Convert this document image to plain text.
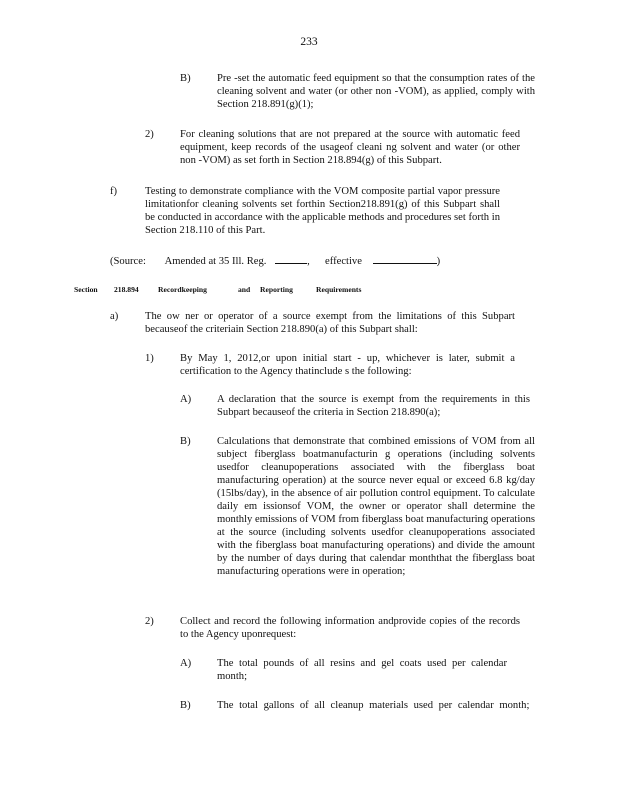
233
B) Pre -set the automatic feed equipment so that the consumption rates of the cleaning solvent and water (or other non -VOM), as applied, comply with Section 218.891(g)(1);
2) For cleaning solutions that are not prepared at the source with automatic feed equipment, keep records of the usageof cleani ng solvent and water (or other non -VOM) as set forth in Section 218.894(g) of this Subpart.
f)	Testing to demonstrate compliance with the VOM composite partial vapor pressure limitationfor cleaning solvents set forthin Section218.891(g) of this Subpart shall be conducted in accordance with the applicable methods and procedures set forth in Section 218.110 of this Part.
(Source: Amended at 35 Ill. Reg.	, effective	)
Section 218.894	Recordkeeping	and Reporting	Requirements
a)	The ow ner or operator of a source exempt from the limitations of this Subpart becauseof the criteriain Section 218.890(a) of this Subpart shall:
1) By May 1, 2012,or upon initial start - up, whichever is later, submit a certification to the Agency thatinclude s the following:
A) A declaration that the source is exempt from the requirements in this Subpart becauseof the criteria in Section 218.890(a);
B) Calculations that demonstrate that combined emissions of VOM from all subject fiberglass boatmanufacturin g operations (including solvents usedfor cleanupoperations associated with the fiberglass boat manufacturing operation) at the source never equal or exceed 6.8 kg/day (15lbs/day), in the absence of air pollution control equipment. To calculate daily em issionsof VOM, the owner or operator shall determine the monthly emissions of VOM from fiberglass boat manufacturing operations at the source (including solvents usedfor cleanupoperations associated with the fiberglass boat manufacturing operations) and divide the amount by the number of days during that calendar monththat the fiberglass boat manufacturing operations were in operation;
2) Collect and record the following information andprovide copies of the records to the Agency uponrequest:
A) The total pounds of all resins and gel coats used per calendar month;
B) The total gallons of all cleanup materials used per calendar month;
